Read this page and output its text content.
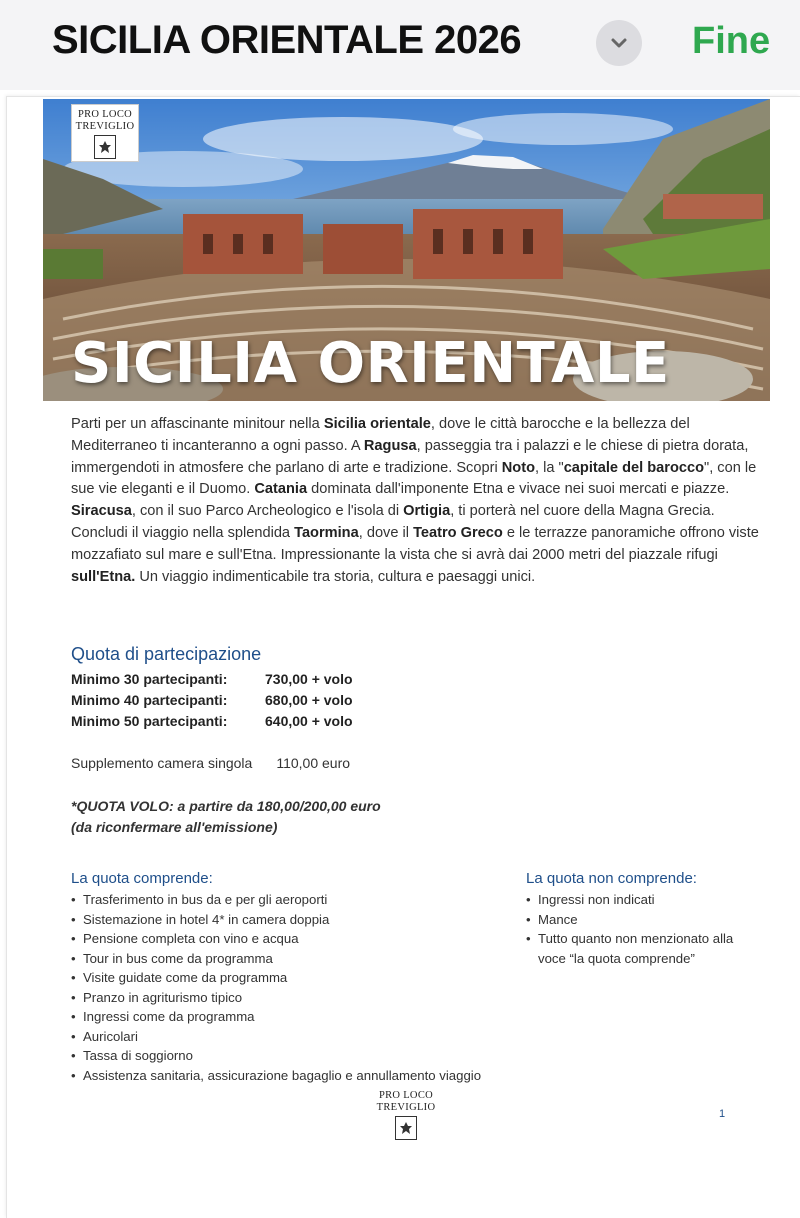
SICILIA ORIENTALE 2026	Fine
SICILIA ORIENTALE
PRO LOCO
TREVIGLIO
Parti per un affascinante minitour nella Sicilia orientale, dove le città barocche e la bellezza del Mediterraneo ti incanteranno a ogni passo. A Ragusa, passeggia tra i palazzi e le chiese di pietra dorata, immergendoti in atmosfere che parlano di arte e tradizione. Scopri Noto, la "capitale del barocco", con le sue vie eleganti e il Duomo. Catania dominata dall'imponente Etna e vivace nei suoi mercati e piazze. Siracusa, con il suo Parco Archeologico e l'isola di Ortigia, ti porterà nel cuore della Magna Grecia. Concludi il viaggio nella splendida Taormina, dove il Teatro Greco e le terrazze panoramiche offrono viste mozzafiato sul mare e sull'Etna. Impressionante la vista che si avrà dai 2000 metri del piazzale rifugi sull'Etna. Un viaggio indimenticabile tra storia, cultura e paesaggi unici.
Quota di partecipazione
Minimo 30 partecipanti:	730,00 + volo
Minimo 40 partecipanti:	680,00 + volo
Minimo 50 partecipanti:	640,00 + volo
Supplemento camera singola 110,00 euro
*QUOTA VOLO: a partire da 180,00/200,00 euro
(da riconfermare all'emissione)
La quota comprende:
• Trasferimento in bus da e per gli aeroporti
• Sistemazione in hotel 4* in camera doppia
• Pensione completa con vino e acqua
• Tour in bus come da programma
• Visite guidate come da programma
• Pranzo in agriturismo tipico
• Ingressi come da programma
• Auricolari
• Tassa di soggiorno
• Assistenza sanitaria, assicurazione bagaglio e annullamento viaggio
La quota non comprende:
• Ingressi non indicati
• Mance
• Tutto quanto non menzionato alla voce “la quota comprende”
PRO LOCO
TREVIGLIO
1
